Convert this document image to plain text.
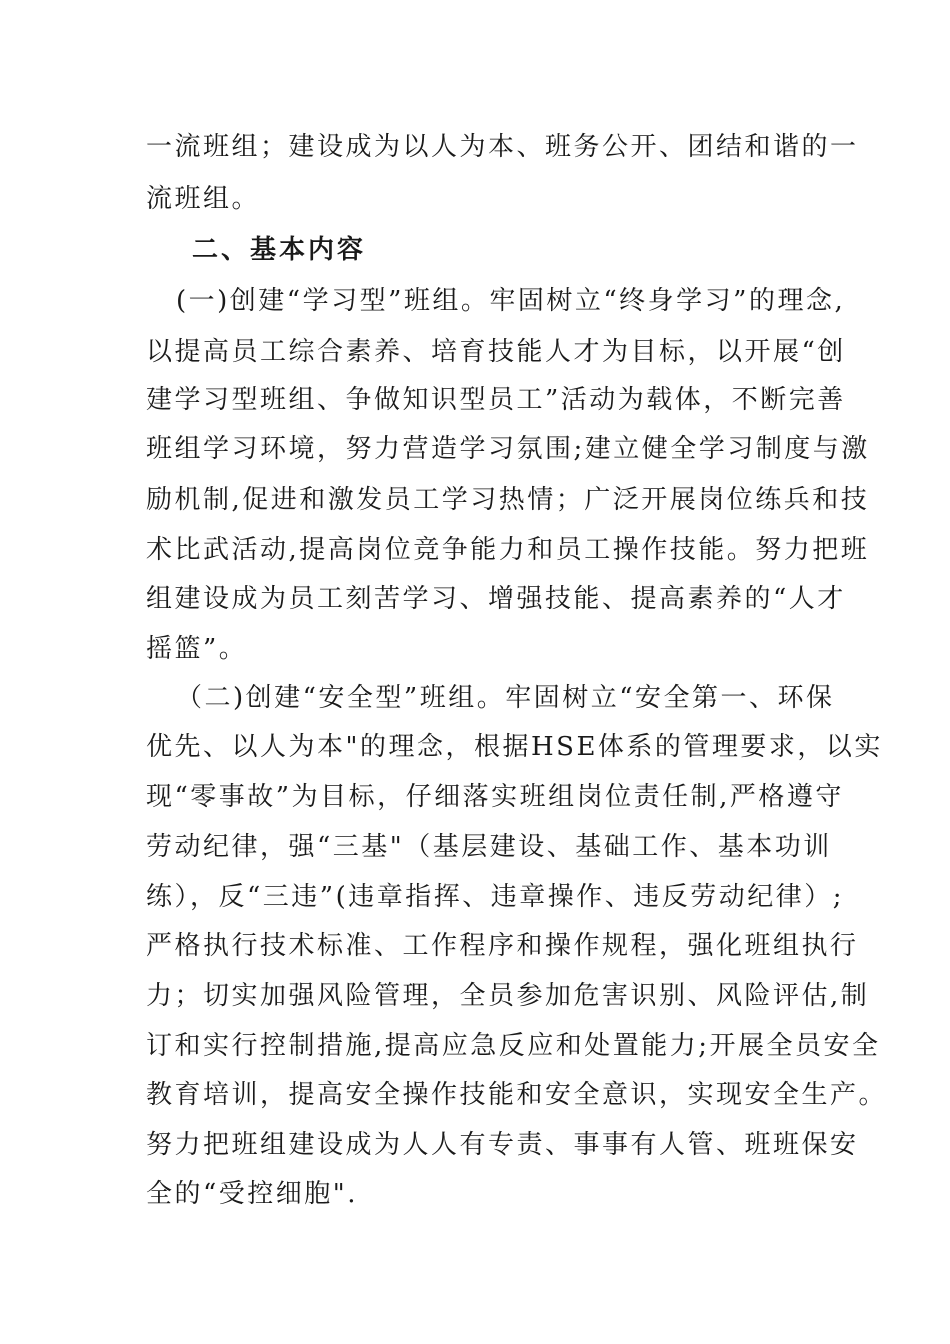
一流班组；建设成为以人为本、班务公开、团结和谐的一
流班组。
二、基本内容
(一)创建“学习型”班组。牢固树立“终身学习”的理念,
以提高员工综合素养、培育技能人才为目标，以开展“创
建学习型班组、争做知识型员工”活动为载体，不断完善
班组学习环境，努力营造学习氛围;建立健全学习制度与激
励机制,促进和激发员工学习热情；广泛开展岗位练兵和技
术比武活动,提高岗位竞争能力和员工操作技能。努力把班
组建设成为员工刻苦学习、增强技能、提高素养的“人才
摇篮”。
（二)创建“安全型”班组。牢固树立“安全第一、环保
优先、以人为本"的理念，根据HSE体系的管理要求，以实
现“零事故”为目标，仔细落实班组岗位责任制,严格遵守
劳动纪律，强“三基"（基层建设、基础工作、基本功训
练），反“三违”(违章指挥、违章操作、违反劳动纪律）;
严格执行技术标准、工作程序和操作规程，强化班组执行
力；切实加强风险管理，全员参加危害识别、风险评估,制
订和实行控制措施,提高应急反应和处置能力;开展全员安全
教育培训，提高安全操作技能和安全意识，实现安全生产。
努力把班组建设成为人人有专责、事事有人管、班班保安
全的“受控细胞".
